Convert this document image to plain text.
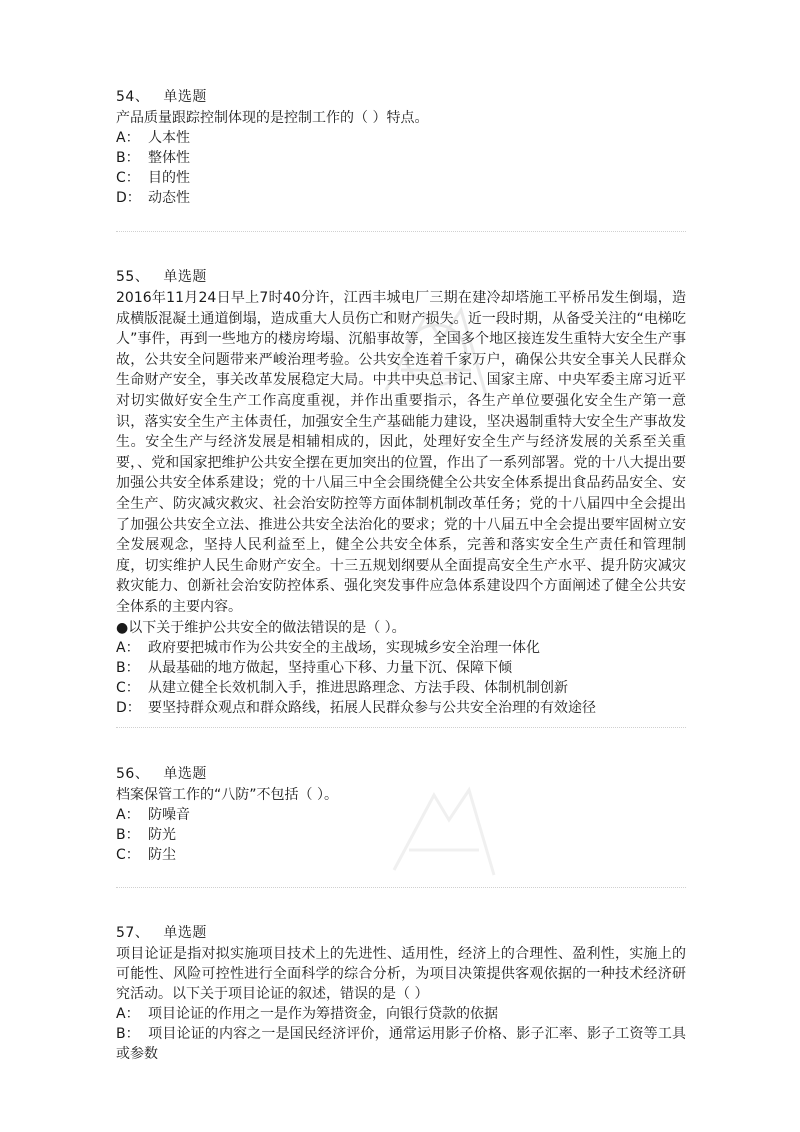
54、 单选题

产品质量跟踪控制体现的是控制工作的（ ）特点。

A： 人本性

B： 整体性

C： 目的性

D： 动态性

55、 单选题

2016年11月24日早上7时40分许，江西丰城电厂三期在建冷却塔施工平桥吊发生倒塌，造成横版混凝土通道倒塌，造成重大人员伤亡和财产损失。近一段时期，从备受关注的“电梯吃人”事件，再到一些地方的楼房垮塌、沉船事故等，全国多个地区接连发生重特大安全生产事故，公共安全问题带来严峻治理考验。公共安全连着千家万户，确保公共安全事关人民群众生命财产安全，事关改革发展稳定大局。中共中央总书记、国家主席、中央军委主席习近平对切实做好安全生产工作高度重视，并作出重要指示，各生产单位要强化安全生产第一意识，落实安全生产主体责任，加强安全生产基础能力建设，坚决遏制重特大安全生产事故发生。安全生产与经济发展是相辅相成的，因此，处理好安全生产与经济发展的关系至关重要，、党和国家把维护公共安全摆在更加突出的位置，作出了一系列部署。党的十八大提出要加强公共安全体系建设；党的十八届三中全会围绕健全公共安全体系提出食品药品安全、安全生产、防灾减灾救灾、社会治安防控等方面体制机制改革任务；党的十八届四中全会提出了加强公共安全立法、推进公共安全法治化的要求；党的十八届五中全会提出要牢固树立安全发展观念，坚持人民利益至上，健全公共安全体系，完善和落实安全生产责任和管理制度，切实维护人民生命财产安全。十三五规划纲要从全面提高安全生产水平、提升防灾减灾救灾能力、创新社会治安防控体系、强化突发事件应急体系建设四个方面阐述了健全公共安全体系的主要内容。

●以下关于维护公共安全的做法错误的是（ ）。

A： 政府要把城市作为公共安全的主战场，实现城乡安全治理一体化

B： 从最基础的地方做起，坚持重心下移、力量下沉、保障下倾

C： 从建立健全长效机制入手，推进思路理念、方法手段、体制机制创新

D： 要坚持群众观点和群众路线，拓展人民群众参与公共安全治理的有效途径

56、 单选题

档案保管工作的“八防”不包括（ ）。

A： 防噪音

B： 防光

C： 防尘

57、 单选题

项目论证是指对拟实施项目技术上的先进性、适用性，经济上的合理性、盈利性，实施上的可能性、风险可控性进行全面科学的综合分析，为项目决策提供客观依据的一种技术经济研究活动。以下关于项目论证的叙述，错误的是（ ）

A： 项目论证的作用之一是作为筹措资金，向银行贷款的依据

B： 项目论证的内容之一是国民经济评价，通常运用影子价格、影子汇率、影子工资等工具或参数
